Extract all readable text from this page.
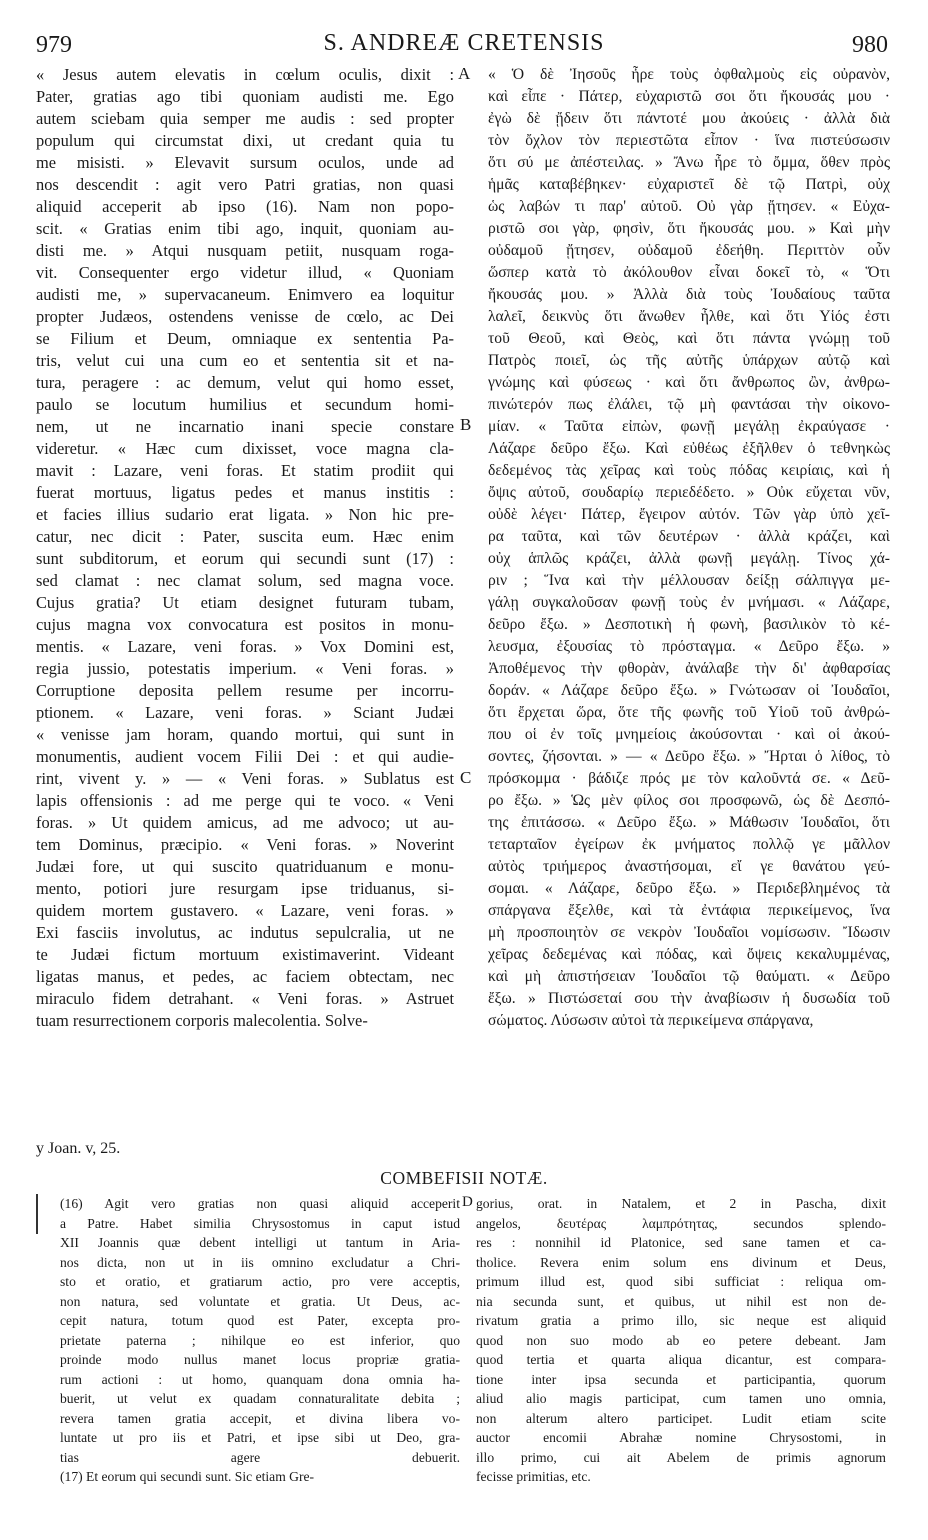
979	S. ANDREÆ CRETENSIS	980
« Jesus autem elevatis in cœlum oculis, dixit :
Pater, gratias ago tibi quoniam audisti me. Ego
autem sciebam quia semper me audis : sed propter
populum qui circumstat dixi, ut credant quia tu
me misisti. » Elevavit sursum oculos, unde ad
nos descendit : agit vero Patri gratias, non quasi
aliquid acceperit ab ipso (16). Nam non popo-
scit. « Gratias enim tibi ago, inquit, quoniam au-
disti me. » Atqui nusquam petiit, nusquam roga-
vit. Consequenter ergo videtur illud, « Quoniam
audisti me, » supervacaneum. Enimvero ea loquitur
propter Judæos, ostendens venisse de cœlo, ac Dei
se Filium et Deum, omniaque ex sententia Pa-
tris, velut cui una cum eo et sententia sit et na-
tura, peragere : ac demum, velut qui homo esset,
paulo se locutum humilius et secundum homi-
nem, ut ne incarnatio inani specie constare
videretur. « Hæc cum dixisset, voce magna cla-
mavit : Lazare, veni foras. Et statim prodiit qui
fuerat mortuus, ligatus pedes et manus institis :
et facies illius sudario erat ligata. » Non hic pre-
catur, nec dicit : Pater, suscita eum. Hæc enim
sunt subditorum, et eorum qui secundi sunt (17) :
sed clamat : nec clamat solum, sed magna voce.
Cujus gratia? Ut etiam designet futuram tubam,
cujus magna vox convocatura est positos in monu-
mentis. « Lazare, veni foras. » Vox Domini est,
regia jussio, potestatis imperium. « Veni foras. »
Corruptione deposita pellem resume per incorru-
ptionem. « Lazare, veni foras. » Sciant Judæi
« venisse jam horam, quando mortui, qui sunt in
monumentis, audient vocem Filii Dei : et qui audie-
rint, vivent y. » — « Veni foras. » Sublatus est
lapis offensionis : ad me perge qui te voco. « Veni
foras. » Ut quidem amicus, ad me advoco; ut au-
tem Dominus, præcipio. « Veni foras. » Noverint
Judæi fore, ut qui suscito quatriduanum e monu-
mento, potiori jure resurgam ipse triduanus, si-
quidem mortem gustavero. « Lazare, veni foras. »
Exi fasciis involutus, ac indutus sepulcralia, ut ne
te Judæi fictum mortuum existimaverint. Videant
ligatas manus, et pedes, ac faciem obtectam, nec
miraculo fidem detrahant. « Veni foras. » Astruet
tuam resurrectionem corporis malecolentia. Solve-
« Ὁ δὲ Ἰησοῦς ἦρε τοὺς ὀφθαλμοὺς εἰς οὐρανὸν,
καὶ εἶπε · Πάτερ, εὐχαριστῶ σοι ὅτι ἤκουσάς μου ·
ἐγὼ δὲ ᾔδειν ὅτι πάντοτέ μου ἀκούεις · ἀλλὰ διὰ
τὸν ὄχλον τὸν περιεστῶτα εἶπον · ἵνα πιστεύσωσιν
ὅτι σύ με ἀπέστειλας. » Ἄνω ἦρε τὸ ὄμμα, ὅθεν πρὸς
ἡμᾶς καταβέβηκεν· εὐχαριστεῖ δὲ τῷ Πατρὶ, οὐχ
ὡς λαβών τι παρ' αὐτοῦ. Οὐ γὰρ ᾔτησεν. « Εὐχα-
ριστῶ σοι γὰρ, φησὶν, ὅτι ἤκουσάς μου. » Καὶ μὴν
οὐδαμοῦ ᾔτησεν, οὐδαμοῦ ἐδεήθη. Περιττὸν οὖν
ὥσπερ κατὰ τὸ ἀκόλουθον εἶναι δοκεῖ τὸ, « Ὅτι
ἤκουσάς μου. » Ἀλλὰ διὰ τοὺς Ἰουδαίους ταῦτα
λαλεῖ, δεικνὺς ὅτι ἄνωθεν ἦλθε, καὶ ὅτι Υἱός ἐστι
τοῦ Θεοῦ, καὶ Θεὸς, καὶ ὅτι πάντα γνώμῃ τοῦ
Πατρὸς ποιεῖ, ὡς τῆς αὐτῆς ὑπάρχων αὐτῷ καὶ
γνώμης καὶ φύσεως · καὶ ὅτι ἄνθρωπος ὢν, ἀνθρω-
πινώτερόν πως ἐλάλει, τῷ μὴ φαντάσαι τὴν οἰκονο-
μίαν. « Ταῦτα εἰπὼν, φωνῇ μεγάλῃ ἐκραύγασε ·
Λάζαρε δεῦρο ἔξω. Καὶ εὐθέως ἐξῆλθεν ὁ τεθνηκὼς
δεδεμένος τὰς χεῖρας καὶ τοὺς πόδας κειρίαις, καὶ ἡ
ὄψις αὐτοῦ, σουδαρίῳ περιεδέδετο. » Οὐκ εὔχεται νῦν,
οὐδὲ λέγει· Πάτερ, ἔγειρον αὐτόν. Τῶν γὰρ ὑπὸ χεῖ-
ρα ταῦτα, καὶ τῶν δευτέρων · ἀλλὰ κράζει, καὶ
οὐχ ἁπλῶς κράζει, ἀλλὰ φωνῇ μεγάλῃ. Τίνος χά-
ριν ; Ἵνα καὶ τὴν μέλλουσαν δείξῃ σάλπιγγα με-
γάλῃ συγκαλοῦσαν φωνῇ τοὺς ἐν μνήμασι. « Λάζαρε,
δεῦρο ἔξω. » Δεσποτικὴ ἡ φωνὴ, βασιλικὸν τὸ κέ-
λευσμα, ἐξουσίας τὸ πρόσταγμα. « Δεῦρο ἔξω. »
Ἀποθέμενος τὴν φθορὰν, ἀνάλαβε τὴν δι' ἀφθαρσίας
δοράν. « Λάζαρε δεῦρο ἔξω. » Γνώτωσαν οἱ Ἰουδαῖοι,
ὅτι ἔρχεται ὥρα, ὅτε τῆς φωνῆς τοῦ Υἱοῦ τοῦ ἀνθρώ-
που οἱ ἐν τοῖς μνημείοις ἀκούσονται · καὶ οἱ ἀκού-
σοντες, ζήσονται. » — « Δεῦρο ἔξω. » Ἤρται ὁ λίθος, τὸ
πρόσκομμα · βάδιζε πρός με τὸν καλοῦντά σε. « Δεῦ-
ρο ἔξω. » Ὡς μὲν φίλος σοι προσφωνῶ, ὡς δὲ Δεσπό-
της ἐπιτάσσω. « Δεῦρο ἔξω. » Μάθωσιν Ἰουδαῖοι, ὅτι
τεταρταῖον ἐγείρων ἐκ μνήματος πολλῷ γε μᾶλλον
αὐτὸς τριήμερος ἀναστήσομαι, εἴ γε θανάτου γεύ-
σομαι. « Λάζαρε, δεῦρο ἔξω. » Περιδεβλημένος τὰ
σπάργανα ἔξελθε, καὶ τὰ ἐντάφια περικείμενος, ἵνα
μὴ προσποιητὸν σε νεκρὸν Ἰουδαῖοι νομίσωσιν. Ἴδωσιν
χεῖρας δεδεμένας καὶ πόδας, καὶ ὄψεις κεκαλυμμένας,
καὶ μὴ ἀπιστήσειαν Ἰουδαῖοι τῷ θαύματι. « Δεῦρο
ἔξω. » Πιστώσεταί σου τὴν ἀναβίωσιν ἡ δυσωδία τοῦ
σώματος. Λύσωσιν αὐτοὶ τὰ περικείμενα σπάργανα,
A
B
C
y Joan. v, 25.
COMBEFISII NOTÆ.
(16) Agit vero gratias non quasi aliquid acceperit
a Patre. Habet similia Chrysostomus in caput istud
XII Joannis quæ debent intelligi ut tantum in Aria-
nos dicta, non ut in iis omnino excludatur a Chri-
sto et oratio, et gratiarum actio, pro vere acceptis,
non natura, sed voluntate et gratia. Ut Deus, ac-
cepit natura, totum quod est Pater, excepta pro-
prietate paterna ; nihilque eo est inferior, quo
proinde modo nullus manet locus propriæ gratia-
rum actioni : ut homo, quanquam dona omnia ha-
buerit, ut velut ex quadam connaturalitate debita ;
revera tamen gratia accepit, et divina libera vo-
luntate ut pro iis et Patri, et ipse sibi ut Deo, gra-
tias agere debuerit.
(17) Et eorum qui secundi sunt. Sic etiam Gre-
D gorius, orat. in Natalem, et 2 in Pascha, dixit
angelos, δευτέρας λαμπρότητας, secundos splendo-
res : nonnihil id Platonice, sed sane tamen et ca-
tholice. Revera enim solum ens divinum et Deus,
primum illud est, quod sibi sufficiat : reliqua om-
nia secunda sunt, et quibus, ut nihil est non de-
rivatum gratia a primo illo, sic neque est aliquid
quod non suo modo ab eo petere debeant. Jam
quod tertia et quarta aliqua dicantur, est compara-
tione inter ipsa secunda et participantia, quorum
aliud alio magis participat, cum tamen uno omnia,
non alterum altero participet. Ludit etiam scite
auctor encomii Abrahæ nomine Chrysostomi, in
illo primo, cui ait Abelem de primis agnorum
fecisse primitias, etc.
